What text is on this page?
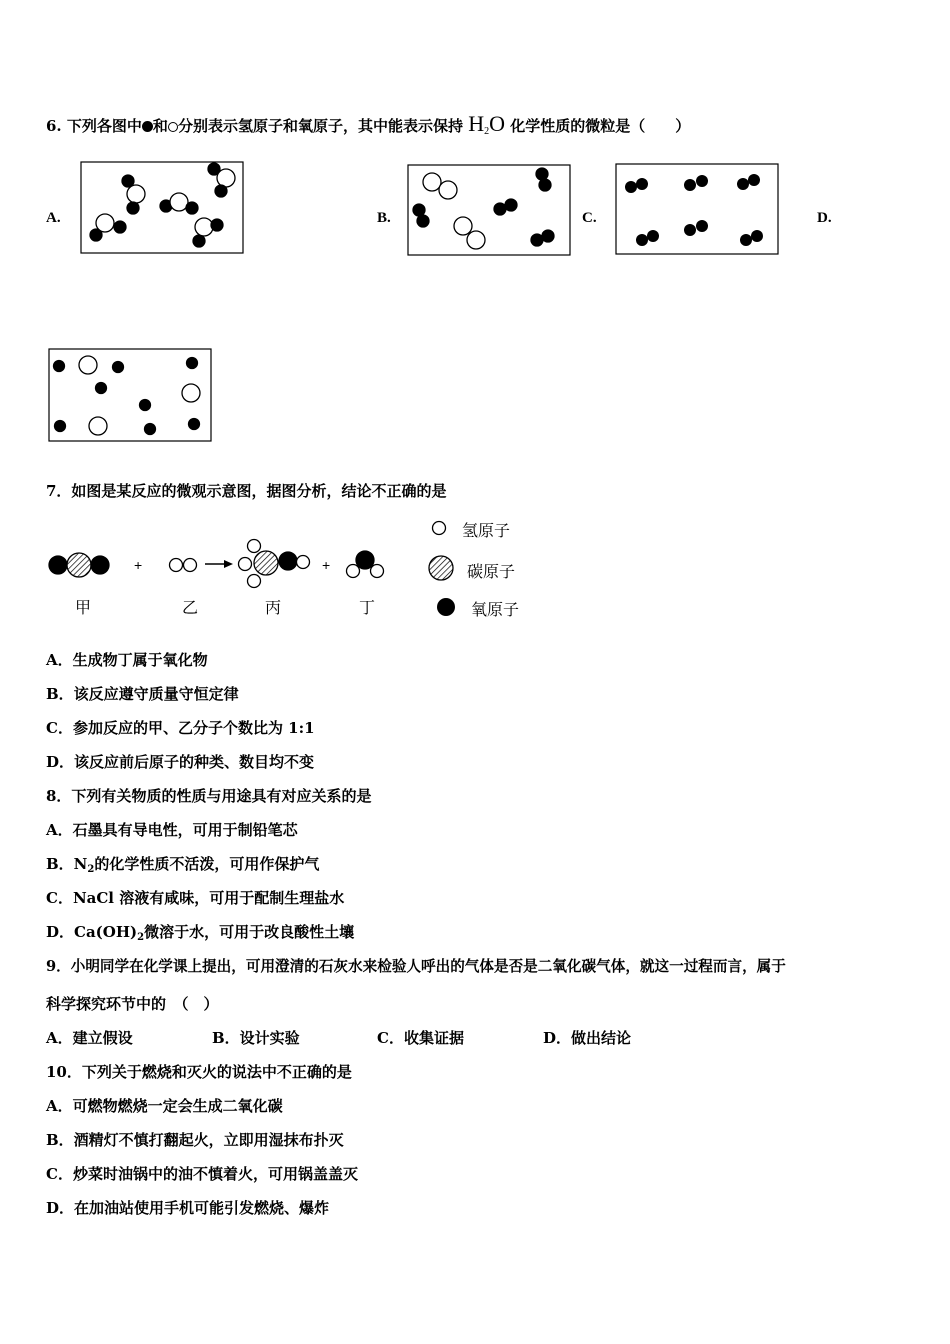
6. 下列各图中 和 分别表示氢原子和氧原子，其中能表示保持 $H_2O$ 化学性质的微粒是（　　）
A.	B.	C.	D.
7．如图是某反应的微观示意图，据图分析，结论不正确的是
+	+
甲	乙	丙	丁
氢原子
碳原子
氧原子
A．生成物丁属于氧化物
B．该反应遵守质量守恒定律
C．参加反应的甲、乙分子个数比为 1:1
D．该反应前后原子的种类、数目均不变
8．下列有关物质的性质与用途具有对应关系的是
A．石墨具有导电性，可用于制铅笔芯
B．$N_2$的化学性质不活泼，可用作保护气
C．NaCl 溶液有咸味，可用于配制生理盐水
D．$Ca(OH)_2$微溶于水，可用于改良酸性土壤
9．小明同学在化学课上提出，可用澄清的石灰水来检验人呼出的气体是否是二氧化碳气体，就这一过程而言，属于
科学探究环节中的　（　）
A．建立假设	B．设计实验	C．收集证据	D．做出结论
10．下列关于燃烧和灭火的说法中不正确的是
A．可燃物燃烧一定会生成二氧化碳
B．酒精灯不慎打翻起火，立即用湿抹布扑灭
C．炒菜时油锅中的油不慎着火，可用锅盖盖灭
D．在加油站使用手机可能引发燃烧、爆炸
